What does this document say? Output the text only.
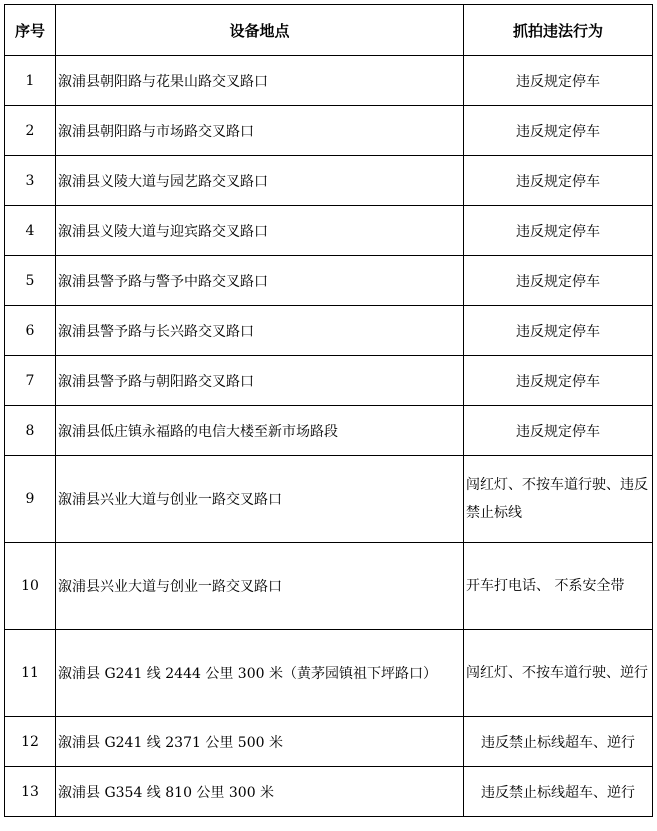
序号	设备地点	抓拍违法行为
1	溆浦县朝阳路与花果山路交叉路口	违反规定停车
2	溆浦县朝阳路与市场路交叉路口	违反规定停车
3	溆浦县义陵大道与园艺路交叉路口	违反规定停车
4	溆浦县义陵大道与迎宾路交叉路口	违反规定停车
5	溆浦县警予路与警予中路交叉路口	违反规定停车
6	溆浦县警予路与长兴路交叉路口	违反规定停车
7	溆浦县警予路与朝阳路交叉路口	违反规定停车
8	溆浦县低庄镇永福路的电信大楼至新市场路段	违反规定停车
9	溆浦县兴业大道与创业一路交叉路口	闯红灯、不按车道行驶、违反禁止标线
10	溆浦县兴业大道与创业一路交叉路口	开车打电话、 不系安全带
11	溆浦县 G241 线 2444 公里 300 米（黄茅园镇祖下坪路口）	闯红灯、不按车道行驶、逆行
12	溆浦县 G241 线 2371 公里 500 米	违反禁止标线超车、逆行
13	溆浦县 G354 线 810 公里 300 米	违反禁止标线超车、逆行
